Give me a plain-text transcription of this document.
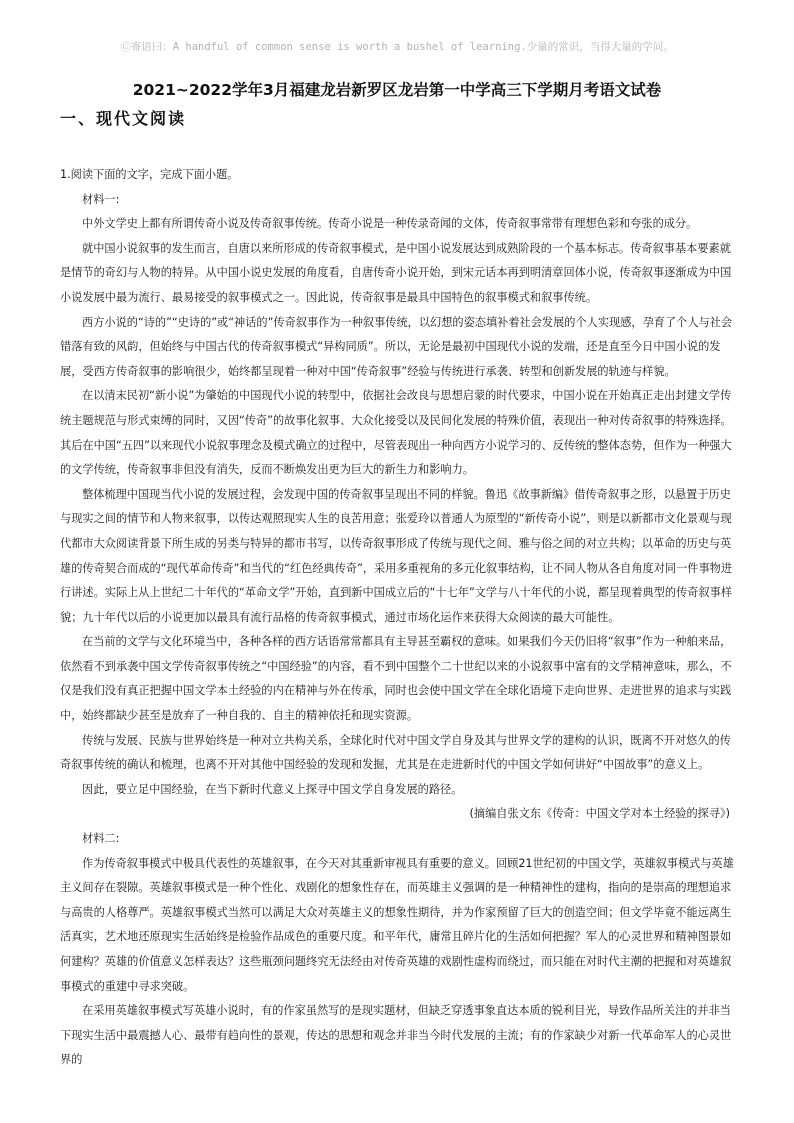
Ⓒ寄语曰：A handful of common sense is worth a bushel of learning.少量的常识，当得大量的学问。
2021~2022学年3月福建龙岩新罗区龙岩第一中学高三下学期月考语文试卷
一、现代文阅读

1.阅读下面的文字，完成下面小题。

材料一:

中外文学史上都有所谓传奇小说及传奇叙事传统。传奇小说是一种传录奇闻的文体，传奇叙事常带有理想色彩和夸张的成分。

就中国小说叙事的发生而言，自唐以来所形成的传奇叙事模式，是中国小说发展达到成熟阶段的一个基本标志。传奇叙事基本要素就是情节的奇幻与人物的特异。从中国小说史发展的角度看，自唐传奇小说开始，到宋元话本再到明清章回体小说，传奇叙事逐渐成为中国小说发展中最为流行、最易接受的叙事模式之一。因此说，传奇叙事是最具中国特色的叙事模式和叙事传统。

西方小说的“诗的”“史诗的”或“神话的”传奇叙事作为一种叙事传统，以幻想的姿态填补着社会发展的个人实现感，孕育了个人与社会错落有致的风韵，但始终与中国古代的传奇叙事模式“异构同质”。所以，无论是最初中国现代小说的发端，还是直至今日中国小说的发展，受西方传奇叙事的影响很少，始终都呈现着一种对中国“传奇叙事”经验与传统进行承袭、转型和创新发展的轨迹与样貌。

在以清末民初“新小说”为肇始的中国现代小说的转型中，依据社会改良与思想启蒙的时代要求，中国小说在开始真正走出封建文学传统主题规范与形式束缚的同时，又因“传奇”的故事化叙事、大众化接受以及民间化发展的特殊价值，表现出一种对传奇叙事的特殊选择。其后在中国“五四”以来现代小说叙事理念及模式确立的过程中，尽管表现出一种向西方小说学习的、反传统的整体态势，但作为一种强大的文学传统，传奇叙事非但没有消失，反而不断焕发出更为巨大的新生力和影响力。

整体梳理中国现当代小说的发展过程，会发现中国的传奇叙事呈现出不同的样貌。鲁迅《故事新编》借传奇叙事之形，以悬置于历史与现实之间的情节和人物来叙事，以传达观照现实人生的良苦用意；张爱玲以普通人为原型的“新传奇小说”，则是以新都市文化景观与现代都市大众阅读背景下所生成的另类与特异的都市书写，以传奇叙事形成了传统与现代之间、雅与俗之间的对立共构；以革命的历史与英雄的传奇契合而成的“现代革命传奇”和当代的“红色经典传奇”，采用多重视角的多元化叙事结构，让不同人物从各自角度对同一件事物进行讲述。实际上从上世纪二十年代的“革命文学”开始，直到新中国成立后的“十七年”文学与八十年代的小说，都呈现着典型的传奇叙事样貌；九十年代以后的小说更加以最具有流行品格的传奇叙事模式，通过市场化运作来获得大众阅读的最大可能性。

在当前的文学与文化环境当中，各种各样的西方话语常常都具有主导甚至霸权的意味。如果我们今天仍旧将“叙事”作为一种舶来品，依然看不到承袭中国文学传奇叙事传统之“中国经验”的内容，看不到中国整个二十世纪以来的小说叙事中富有的文学精神意味，那么，不仅是我们没有真正把握中国文学本土经验的内在精神与外在传承，同时也会使中国文学在全球化语境下走向世界、走进世界的追求与实践中，始终都缺少甚至是放弃了一种自我的、自主的精神依托和现实资源。

传统与发展、民族与世界始终是一种对立共构关系，全球化时代对中国文学自身及其与世界文学的建构的认识，既离不开对悠久的传奇叙事传统的确认和梳理，也离不开对其他中国经验的发现和发掘，尤其是在走进新时代的中国文学如何讲好“中国故事”的意义上。

因此，要立足中国经验，在当下新时代意义上探寻中国文学自身发展的路径。

(摘编自张文东《传奇：中国文学对本土经验的探寻》)

材料二:

作为传奇叙事模式中极具代表性的英雄叙事，在今天对其重新审视具有重要的意义。回顾21世纪初的中国文学，英雄叙事模式与英雄主义间存在裂隙。英雄叙事模式是一种个性化、戏剧化的想象性存在，而英雄主义强调的是一种精神性的建构，指向的是崇高的理想追求与高贵的人格尊严。英雄叙事模式当然可以满足大众对英雄主义的想象性期待，并为作家预留了巨大的创造空间；但文学毕竟不能远离生活真实，艺术地还原现实生活始终是检验作品成色的重要尺度。和平年代，庸常且碎片化的生活如何把握？军人的心灵世界和精神图景如何建构？英雄的价值意义怎样表达？这些瓶颈问题终究无法经由对传奇英雄的戏剧性虚构而绕过，而只能在对时代主潮的把握和对英雄叙事模式的重建中寻求突破。

在采用英雄叙事模式写英雄小说时，有的作家虽然写的是现实题材，但缺乏穿透事象直达本质的锐利目光，导致作品所关注的并非当下现实生活中最震撼人心、最带有趋向性的景观，传达的思想和观念并非当今时代发展的主流；有的作家缺少对新一代革命军人的心灵世界的
